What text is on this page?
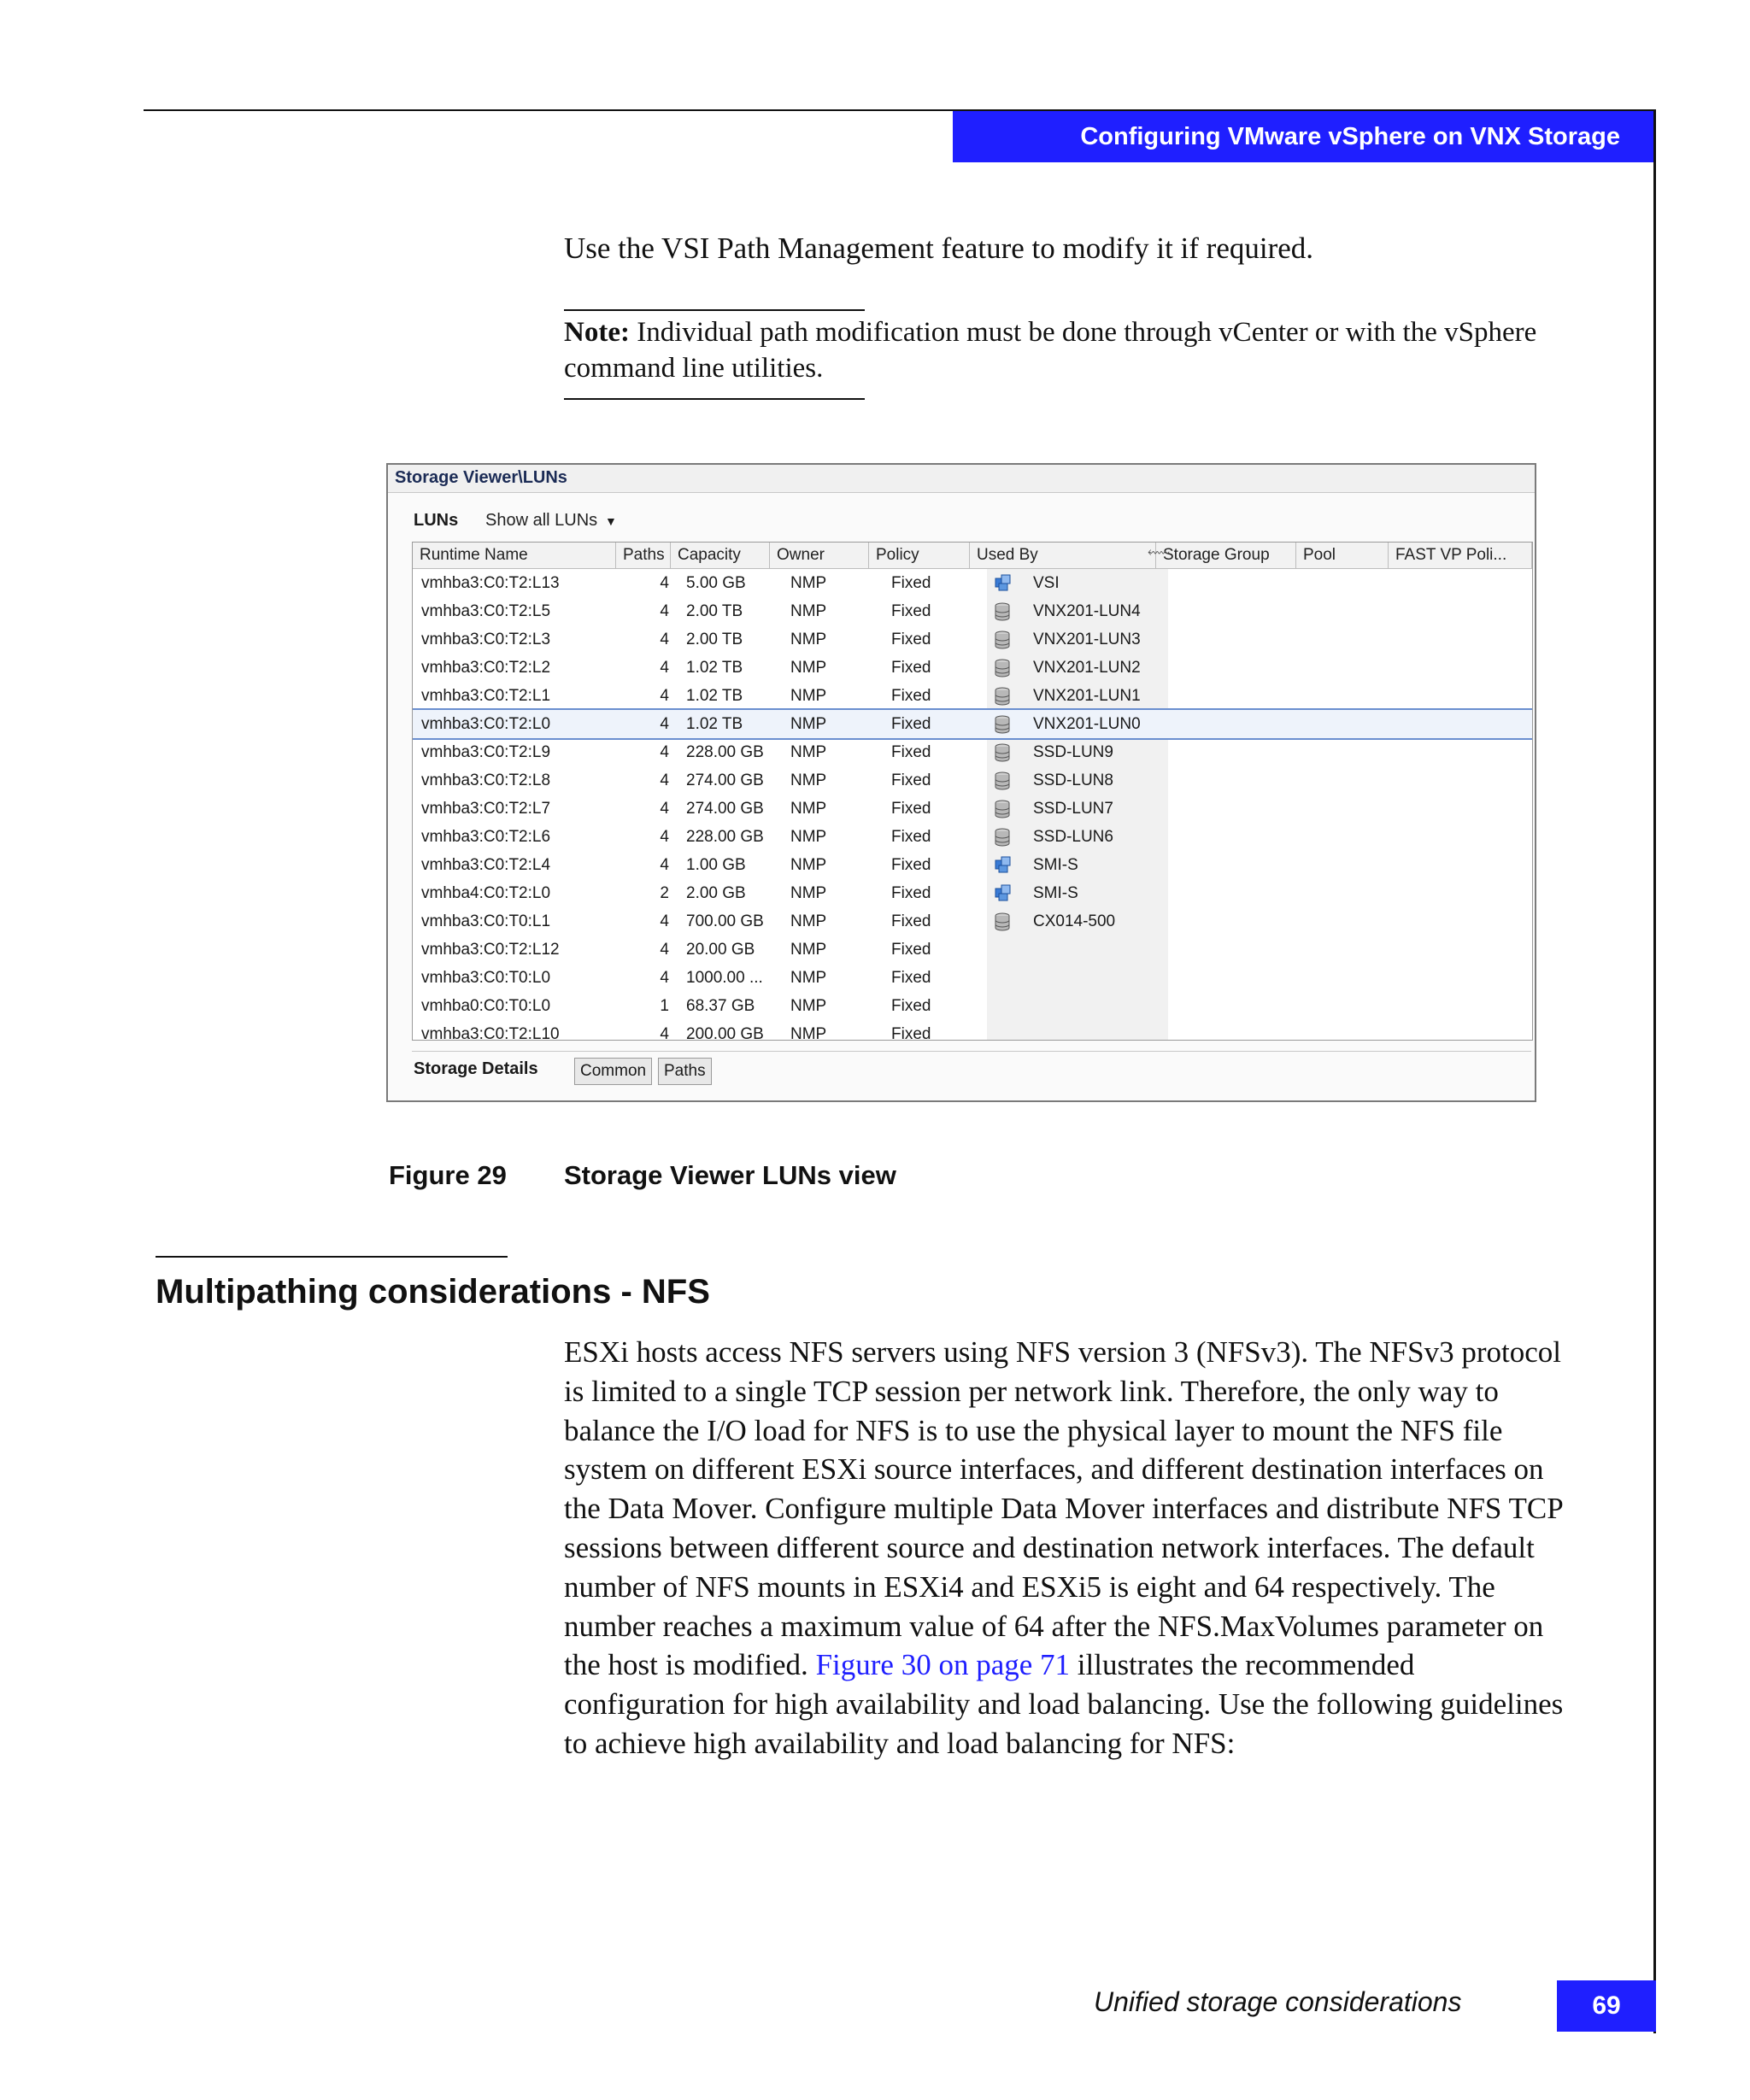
Configuring VMware vSphere on VNX Storage
Use the VSI Path Management feature to modify it if required.
Note: Individual path modification must be done through vCenter or with the vSphere command line utilities.
Storage Viewer\LUNs
LUNs Show all LUNs ▼
Runtime Name	Paths Capacity	Owner	Policy	Used By	Storage Group	Pool	FAST VP Poli...
⬳
vmhba3:C0:T2:L13	4 5.00 GB	NMP	Fixed	VSI
vmhba3:C0:T2:L5	4 2.00 TB	NMP	Fixed	VNX201-LUN4
vmhba3:C0:T2:L3	4 2.00 TB	NMP	Fixed	VNX201-LUN3
vmhba3:C0:T2:L2	4 1.02 TB	NMP	Fixed	VNX201-LUN2
vmhba3:C0:T2:L1	4 1.02 TB	NMP	Fixed	VNX201-LUN1
vmhba3:C0:T2:L0	4 1.02 TB	NMP	Fixed	VNX201-LUN0
vmhba3:C0:T2:L9	4 228.00 GB	NMP	Fixed	SSD-LUN9
vmhba3:C0:T2:L8	4 274.00 GB	NMP	Fixed	SSD-LUN8
vmhba3:C0:T2:L7	4 274.00 GB	NMP	Fixed	SSD-LUN7
vmhba3:C0:T2:L6	4 228.00 GB	NMP	Fixed	SSD-LUN6
vmhba3:C0:T2:L4	4 1.00 GB	NMP	Fixed	SMI-S
vmhba4:C0:T2:L0	2 2.00 GB	NMP	Fixed	SMI-S
vmhba3:C0:T0:L1	4 700.00 GB	NMP	Fixed	CX014-500
vmhba3:C0:T2:L12	4 20.00 GB	NMP	Fixed
vmhba3:C0:T0:L0	4 1000.00 ...	NMP	Fixed
vmhba0:C0:T0:L0	1 68.37 GB	NMP	Fixed
vmhba3:C0:T2:L10	4 200.00 GB	NMP	Fixed
Storage Details	Common	Paths
Figure 29 Storage Viewer LUNs view
Multipathing considerations - NFS
ESXi hosts access NFS servers using NFS version 3 (NFSv3). The NFSv3 protocol is limited to a single TCP session per network link. Therefore, the only way to balance the I/O load for NFS is to use the physical layer to mount the NFS file system on different ESXi source interfaces, and different destination interfaces on the Data Mover. Configure multiple Data Mover interfaces and distribute NFS TCP sessions between different source and destination network interfaces. The default number of NFS mounts in ESXi4 and ESXi5 is eight and 64 respectively. The number reaches a maximum value of 64 after the NFS.MaxVolumes parameter on the host is modified. Figure 30 on page 71 illustrates the recommended configuration for high availability and load balancing. Use the following guidelines to achieve high availability and load balancing for NFS:
Unified storage considerations	69
